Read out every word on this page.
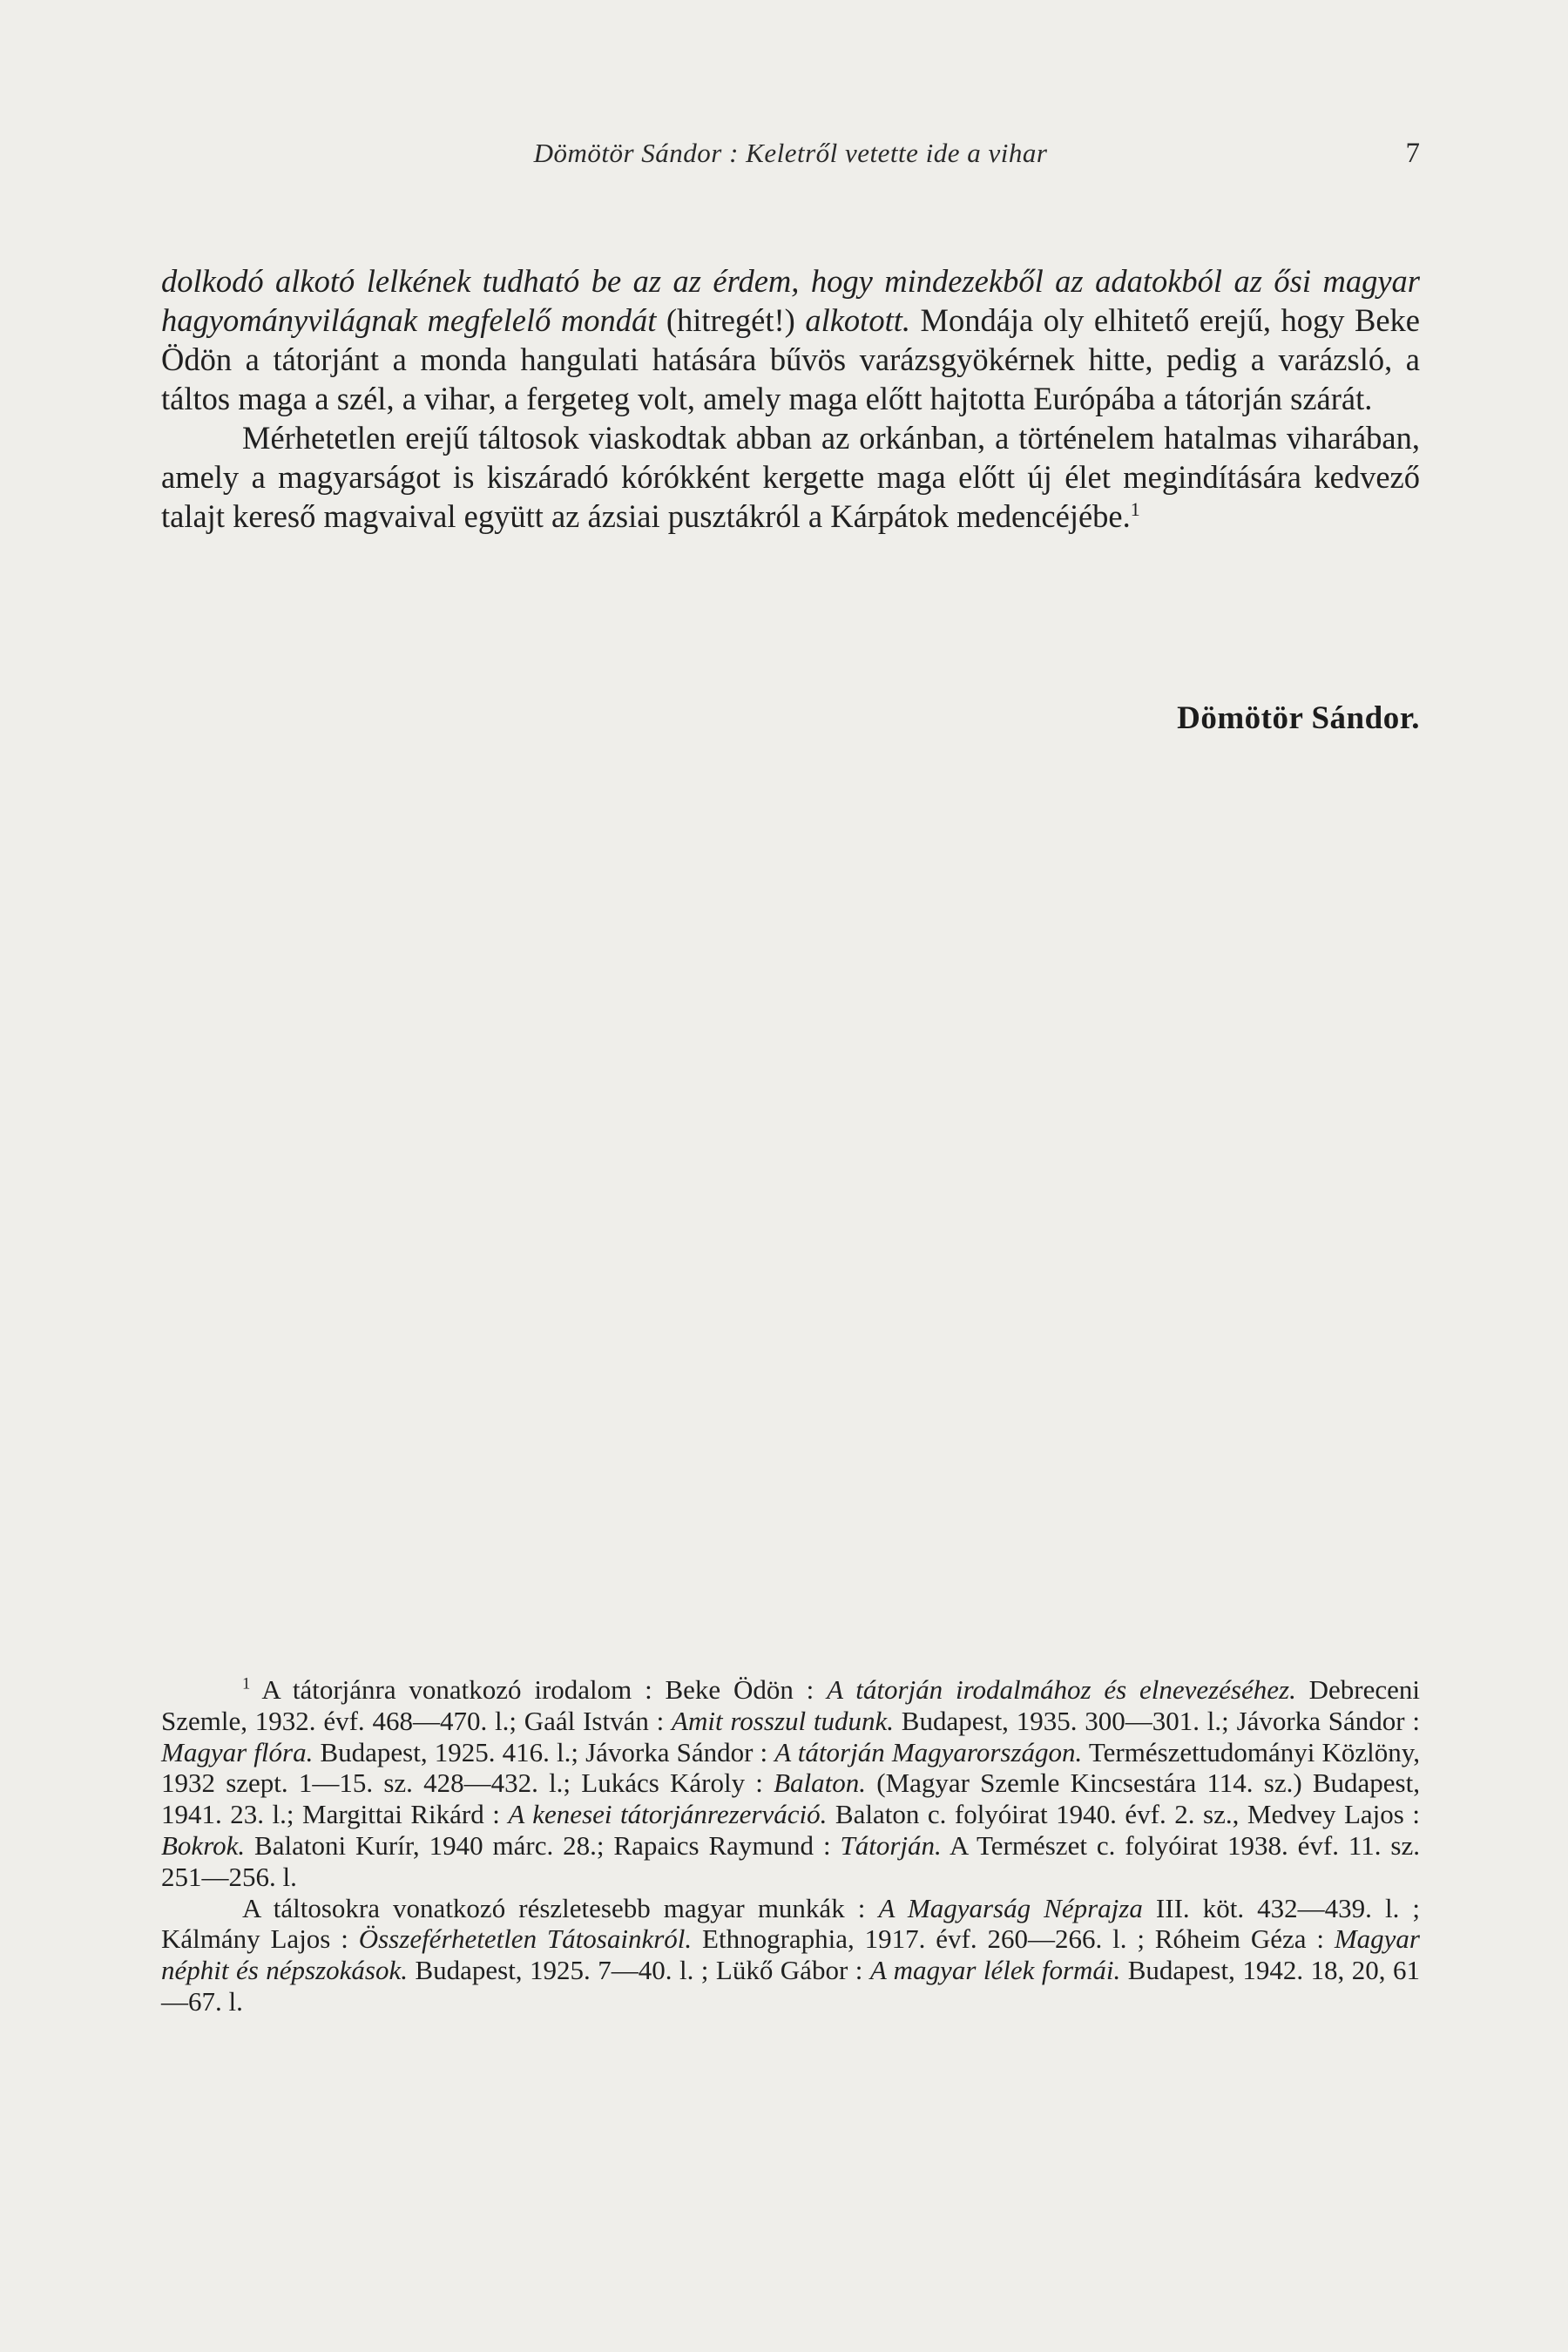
Dömötör Sándor : Keletről vetette ide a vihar	7

dolkodó alkotó lelkének tudható be az az érdem, hogy mindezekből az adatokból az ősi magyar hagyományvilágnak megfelelő mondát (hitregét!) alkotott. Mondája oly elhitető erejű, hogy Beke Ödön a tátorjánt a monda hangulati hatására bűvös varázsgyökérnek hitte, pedig a varázsló, a táltos maga a szél, a vihar, a fergeteg volt, amely maga előtt hajtotta Európába a tátorján szárát.

Mérhetetlen erejű táltosok viaskodtak abban az orkánban, a történelem hatalmas viharában, amely a magyarságot is kiszáradó kórókként kergette maga előtt új élet megindítására kedvező talajt kereső magvaival együtt az ázsiai pusztákról a Kárpátok medencéjébe.$^1$

Dömötör Sándor.

$^1$ A tátorjánra vonatkozó irodalom : Beke Ödön : A tátorján irodalmához és elnevezéséhez. Debreceni Szemle, 1932. évf. 468—470. l.; Gaál István : Amit rosszul tudunk. Budapest, 1935. 300—301. l.; Jávorka Sándor : Magyar flóra. Budapest, 1925. 416. l.; Jávorka Sándor : A tátorján Magyarországon. Természettudományi Közlöny, 1932 szept. 1—15. sz. 428—432. l.; Lukács Károly : Balaton. (Magyar Szemle Kincsestára 114. sz.) Budapest, 1941. 23. l.; Margittai Rikárd : A kenesei tátorjánrezerváció. Balaton c. folyóirat 1940. évf. 2. sz., Medvey Lajos : Bokrok. Balatoni Kurír, 1940 márc. 28.; Rapaics Raymund : Tátorján. A Természet c. folyóirat 1938. évf. 11. sz. 251—256. l.

A táltosokra vonatkozó részletesebb magyar munkák : A Magyarság Néprajza III. köt. 432—439. l. ; Kálmány Lajos : Összeférhetetlen Tátosainkról. Ethnographia, 1917. évf. 260—266. l. ; Róheim Géza : Magyar néphit és népszokások. Budapest, 1925. 7—40. l. ; Lükő Gábor : A magyar lélek formái. Budapest, 1942. 18, 20, 61—67. l.
